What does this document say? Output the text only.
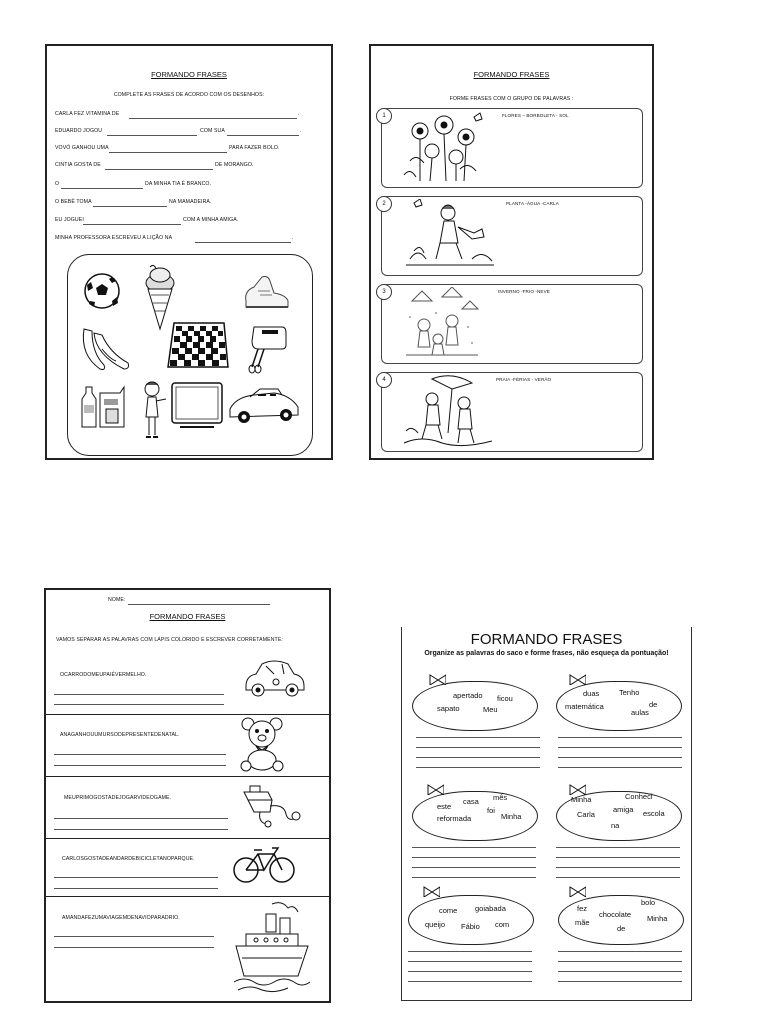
FORMANDO FRASES
COMPLETE AS FRASES DE ACORDO COM OS DESENHOS:
CARLA FEZ VITAMINA DE	.
EDUARDO JOGOU	COM SUA	.
VOVÓ GANHOU UMA	PARA FAZER BOLO.
CINTIA GOSTA DE	DE MORANGO.
O	DA MINHA TIA É BRANCO.
O BEBÊ TOMA	NA MAMADEIRA.
EU JOGUEI	COM A MINHA AMIGA.
MINHA PROFESSORA ESCREVEU A LIÇÃO NA	.
FORMANDO FRASES
FORME FRASES COM O GRUPO DE PALAVRAS :
FLORES – BORBOLETA - SOL
1
PLANTA -ÁGUA -CARLA
2
INVERNO -FRIO -NEVE
3
PRAIA -FÉRIAS - VERÃO
4
NOME:
FORMANDO FRASES
VAMOS SEPARAR AS PALAVRAS COM LÁPIS COLORIDO E ESCREVER CORRETAMENTE:
OCARRODOMEUPAIÉVERMELHO.
ANAGANHOUUMURSODEPRESENTEDENATAL.
MEUPRIMOGOSTADEJOGARVIDEOGAME.
CARLOSGOSTADEANDARDEBICICLETANOPARQUE.
AMANDAFEZUMAVIAGEMDENAVIOPARADRIO.
FORMANDO FRASES
Organize as palavras do saco e forme frases, não esqueça da pontuação!
apertado ficou
sapato	Meu
duas	Tenho
matemática
aulas
de
este
casa mês
foi
reformada	Minha
Minha	Conheci
amiga
Carla	escola
na
come goiabada
queijo Fábio com
fez
bolo
chocolate Minha
mãe
de
